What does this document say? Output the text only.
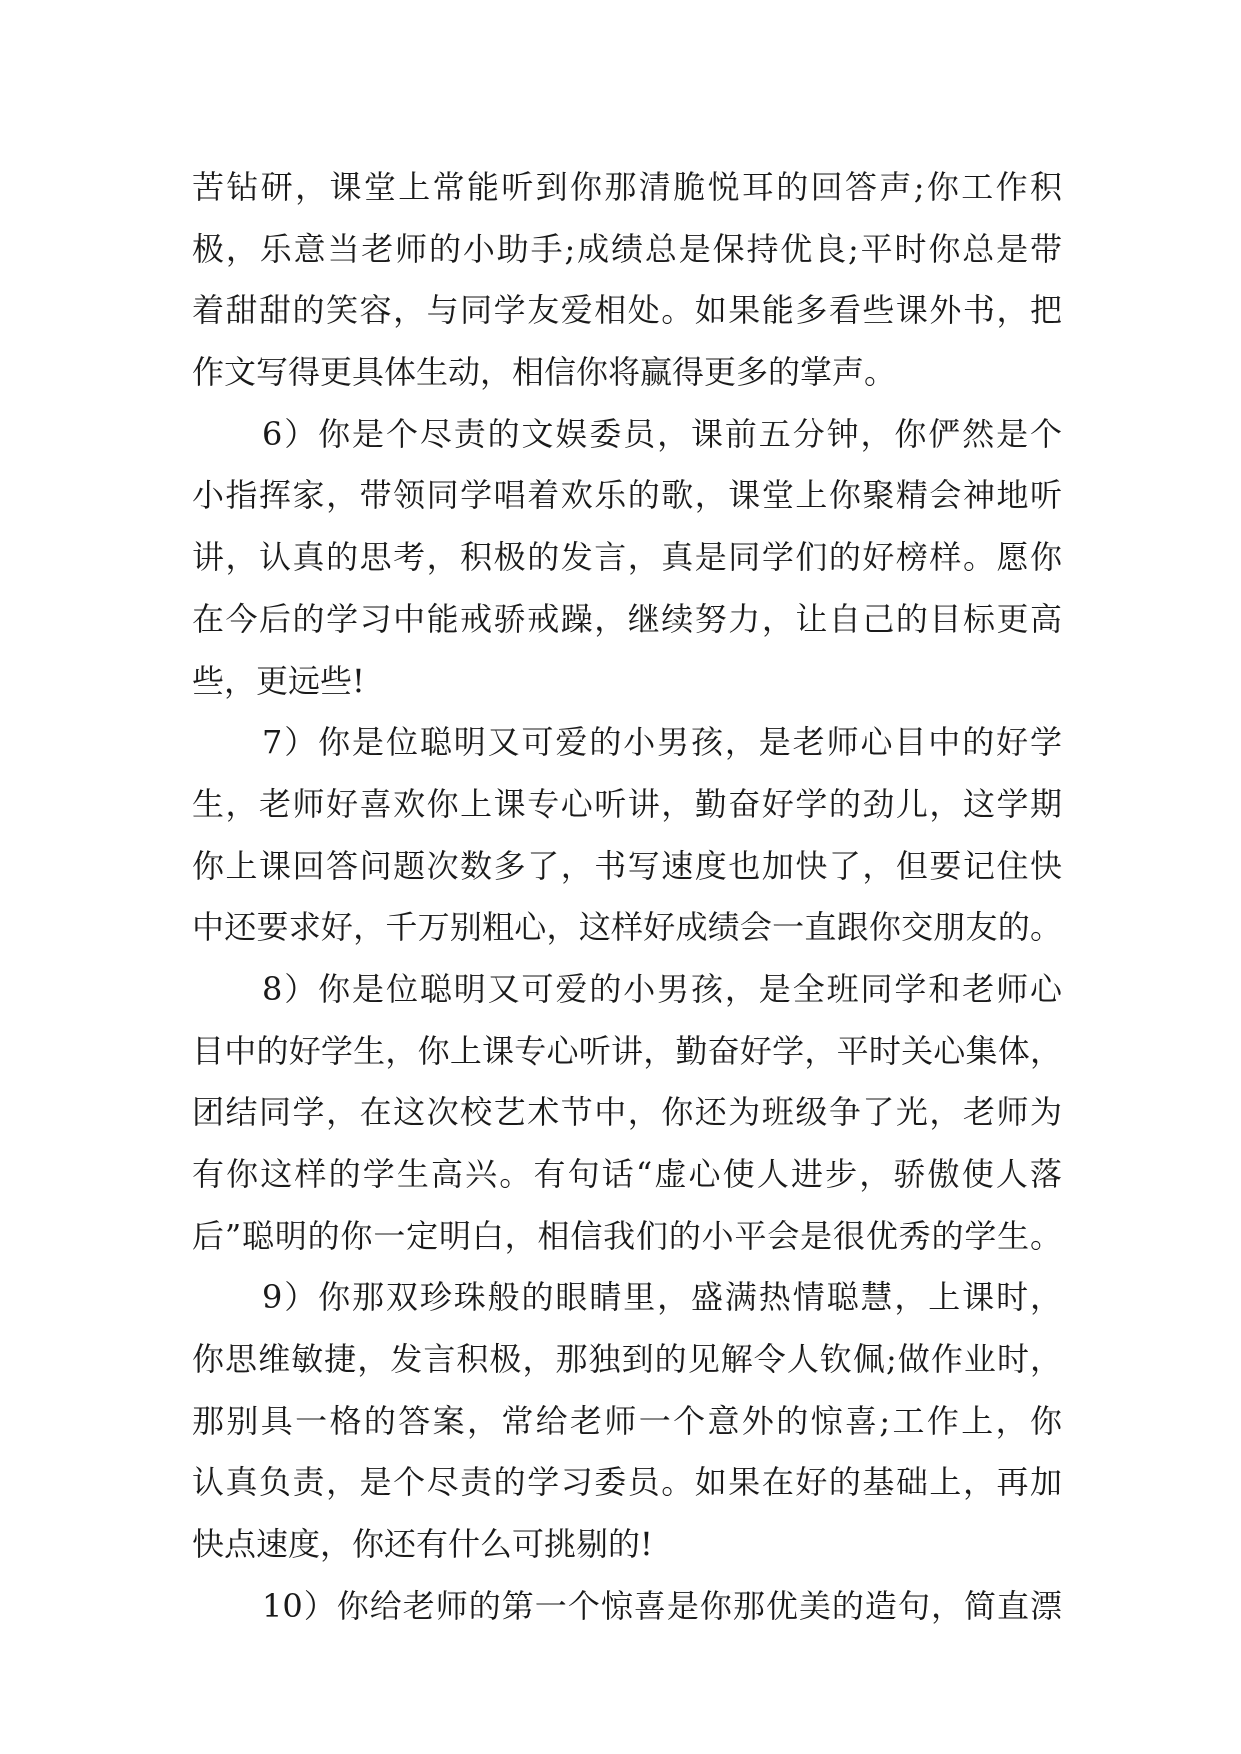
苦钻研，课堂上常能听到你那清脆悦耳的回答声;你工作积
极，乐意当老师的小助手;成绩总是保持优良;平时你总是带
着甜甜的笑容，与同学友爱相处。如果能多看些课外书，把
作文写得更具体生动，相信你将赢得更多的掌声。
6）你是个尽责的文娱委员，课前五分钟，你俨然是个
小指挥家，带领同学唱着欢乐的歌，课堂上你聚精会神地听
讲，认真的思考，积极的发言，真是同学们的好榜样。愿你
在今后的学习中能戒骄戒躁，继续努力，让自己的目标更高
些，更远些!
7）你是位聪明又可爱的小男孩，是老师心目中的好学
生，老师好喜欢你上课专心听讲，勤奋好学的劲儿，这学期
你上课回答问题次数多了，书写速度也加快了，但要记住快
中还要求好，千万别粗心，这样好成绩会一直跟你交朋友的。
8）你是位聪明又可爱的小男孩，是全班同学和老师心
目中的好学生，你上课专心听讲，勤奋好学，平时关心集体，
团结同学，在这次校艺术节中，你还为班级争了光，老师为
有你这样的学生高兴。有句话“虚心使人进步，骄傲使人落
后”聪明的你一定明白，相信我们的小平会是很优秀的学生。
9）你那双珍珠般的眼睛里，盛满热情聪慧，上课时，
你思维敏捷，发言积极，那独到的见解令人钦佩;做作业时，
那别具一格的答案，常给老师一个意外的惊喜;工作上，你
认真负责，是个尽责的学习委员。如果在好的基础上，再加
快点速度，你还有什么可挑剔的!
10）你给老师的第一个惊喜是你那优美的造句，简直漂
